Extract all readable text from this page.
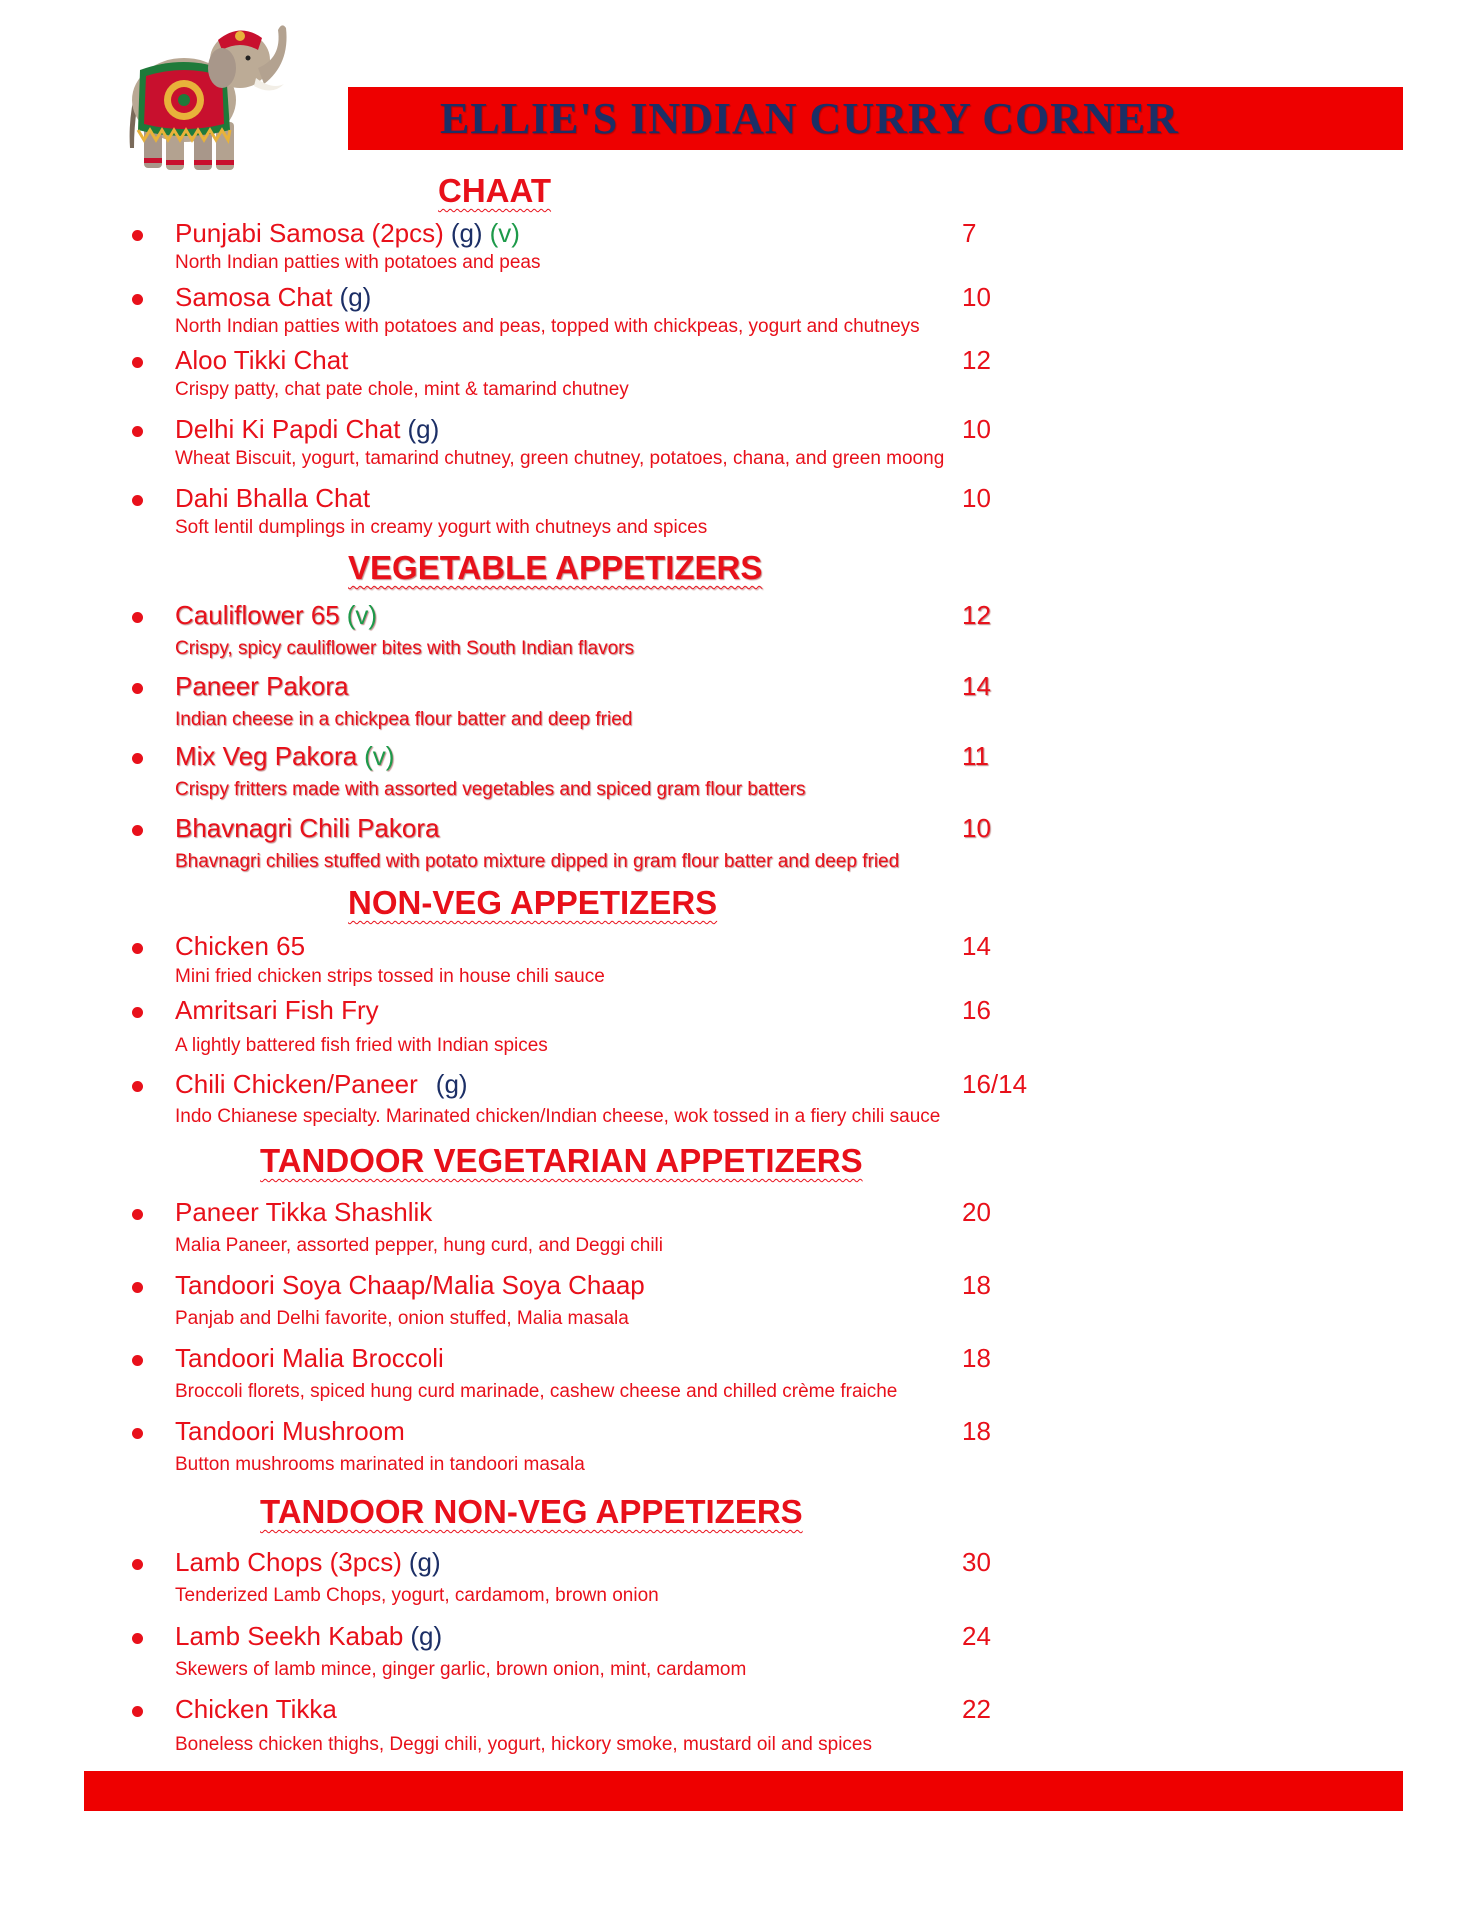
ELLIE'S INDIAN CURRY CORNER
CHAAT
Punjabi Samosa (2pcs) (g) (v)	7
North Indian patties with potatoes and peas
Samosa Chat (g)	10
North Indian patties with potatoes and peas, topped with chickpeas, yogurt and chutneys
Aloo Tikki Chat	12
Crispy patty, chat pate chole, mint & tamarind chutney
Delhi Ki Papdi Chat (g)	10
Wheat Biscuit, yogurt, tamarind chutney, green chutney, potatoes, chana, and green moong
Dahi Bhalla Chat	10
Soft lentil dumplings in creamy yogurt with chutneys and spices
VEGETABLE APPETIZERS
Cauliflower 65 (v)	12
Crispy, spicy cauliflower bites with South Indian flavors
Paneer Pakora	14
Indian cheese in a chickpea flour batter and deep fried
Mix Veg Pakora (v)	11
Crispy fritters made with assorted vegetables and spiced gram flour batters
Bhavnagri Chili Pakora	10
Bhavnagri chilies stuffed with potato mixture dipped in gram flour batter and deep fried
NON-VEG APPETIZERS
Chicken 65	14
Mini fried chicken strips tossed in house chili sauce
Amritsari Fish Fry	16
A lightly battered fish fried with Indian spices
Chili Chicken/Paneer (g)	16/14
Indo Chianese specialty. Marinated chicken/Indian cheese, wok tossed in a fiery chili sauce
TANDOOR VEGETARIAN APPETIZERS
Paneer Tikka Shashlik	20
Malia Paneer, assorted pepper, hung curd, and Deggi chili
Tandoori Soya Chaap/Malia Soya Chaap	18
Panjab and Delhi favorite, onion stuffed, Malia masala
Tandoori Malia Broccoli	18
Broccoli florets, spiced hung curd marinade, cashew cheese and chilled crème fraiche
Tandoori Mushroom	18
Button mushrooms marinated in tandoori masala
TANDOOR NON-VEG APPETIZERS
Lamb Chops (3pcs) (g)	30
Tenderized Lamb Chops, yogurt, cardamom, brown onion
Lamb Seekh Kabab (g)	24
Skewers of lamb mince, ginger garlic, brown onion, mint, cardamom
Chicken Tikka	22
Boneless chicken thighs, Deggi chili, yogurt, hickory smoke, mustard oil and spices
